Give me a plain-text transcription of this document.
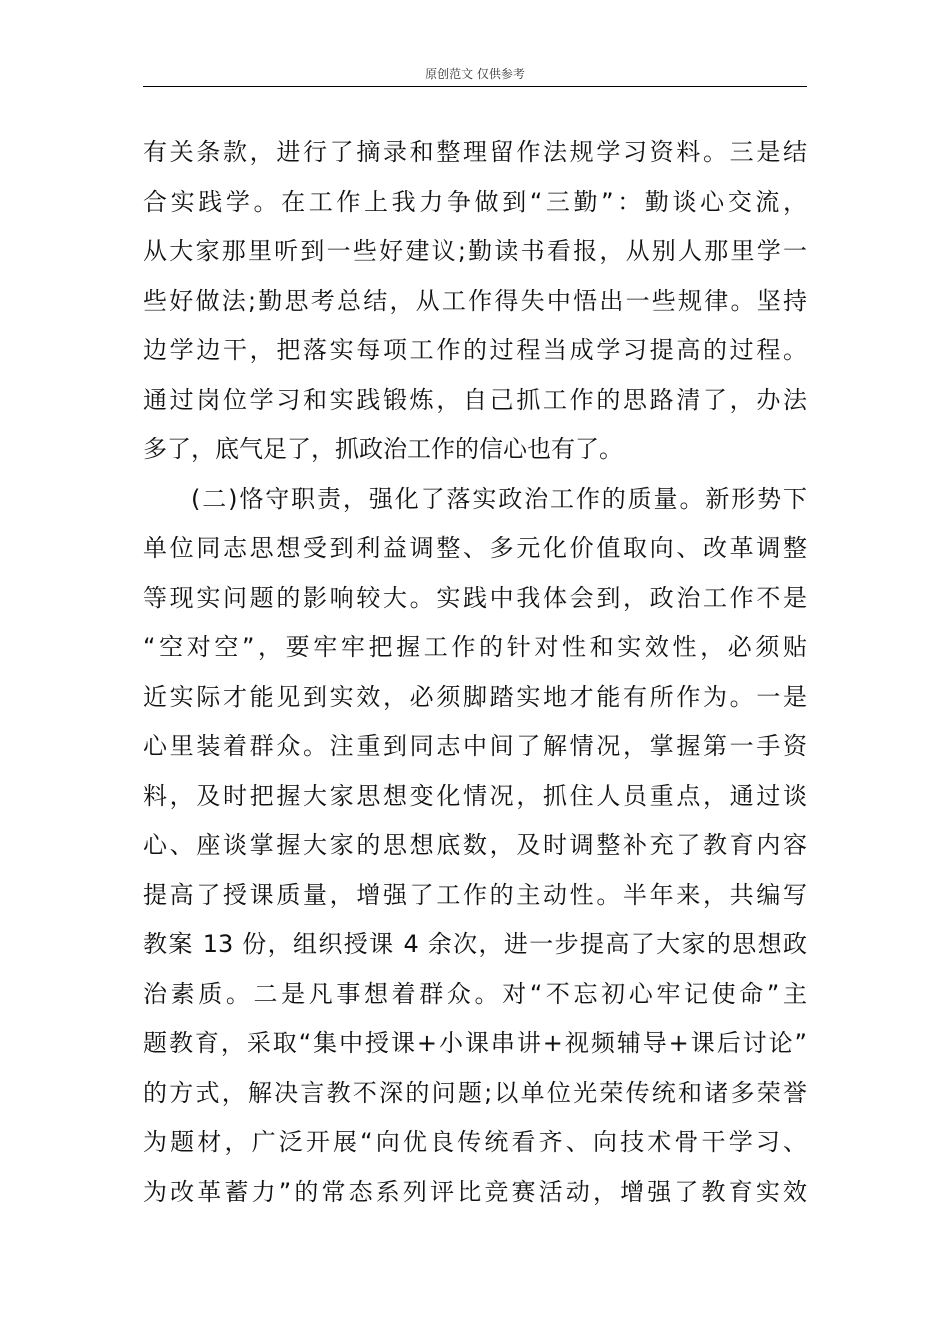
原创范文 仅供参考
有关条款，进行了摘录和整理留作法规学习资料。三是结
合实践学。在工作上我力争做到“三勤”：勤谈心交流，
从大家那里听到一些好建议;勤读书看报，从别人那里学一
些好做法;勤思考总结，从工作得失中悟出一些规律。坚持
边学边干，把落实每项工作的过程当成学习提高的过程。
通过岗位学习和实践锻炼，自己抓工作的思路清了，办法
多了，底气足了，抓政治工作的信心也有了。
(二)恪守职责，强化了落实政治工作的质量。新形势下
单位同志思想受到利益调整、多元化价值取向、改革调整
等现实问题的影响较大。实践中我体会到，政治工作不是
“空对空”，要牢牢把握工作的针对性和实效性，必须贴
近实际才能见到实效，必须脚踏实地才能有所作为。一是
心里装着群众。注重到同志中间了解情况，掌握第一手资
料，及时把握大家思想变化情况，抓住人员重点，通过谈
心、座谈掌握大家的思想底数，及时调整补充了教育内容
提高了授课质量，增强了工作的主动性。半年来，共编写
教案 13 份，组织授课 4 余次，进一步提高了大家的思想政
治素质。二是凡事想着群众。对“不忘初心牢记使命”主
题教育，采取“集中授课+小课串讲+视频辅导+课后讨论”
的方式，解决言教不深的问题;以单位光荣传统和诸多荣誉
为题材，广泛开展“向优良传统看齐、向技术骨干学习、
为改革蓄力”的常态系列评比竞赛活动，增强了教育实效
